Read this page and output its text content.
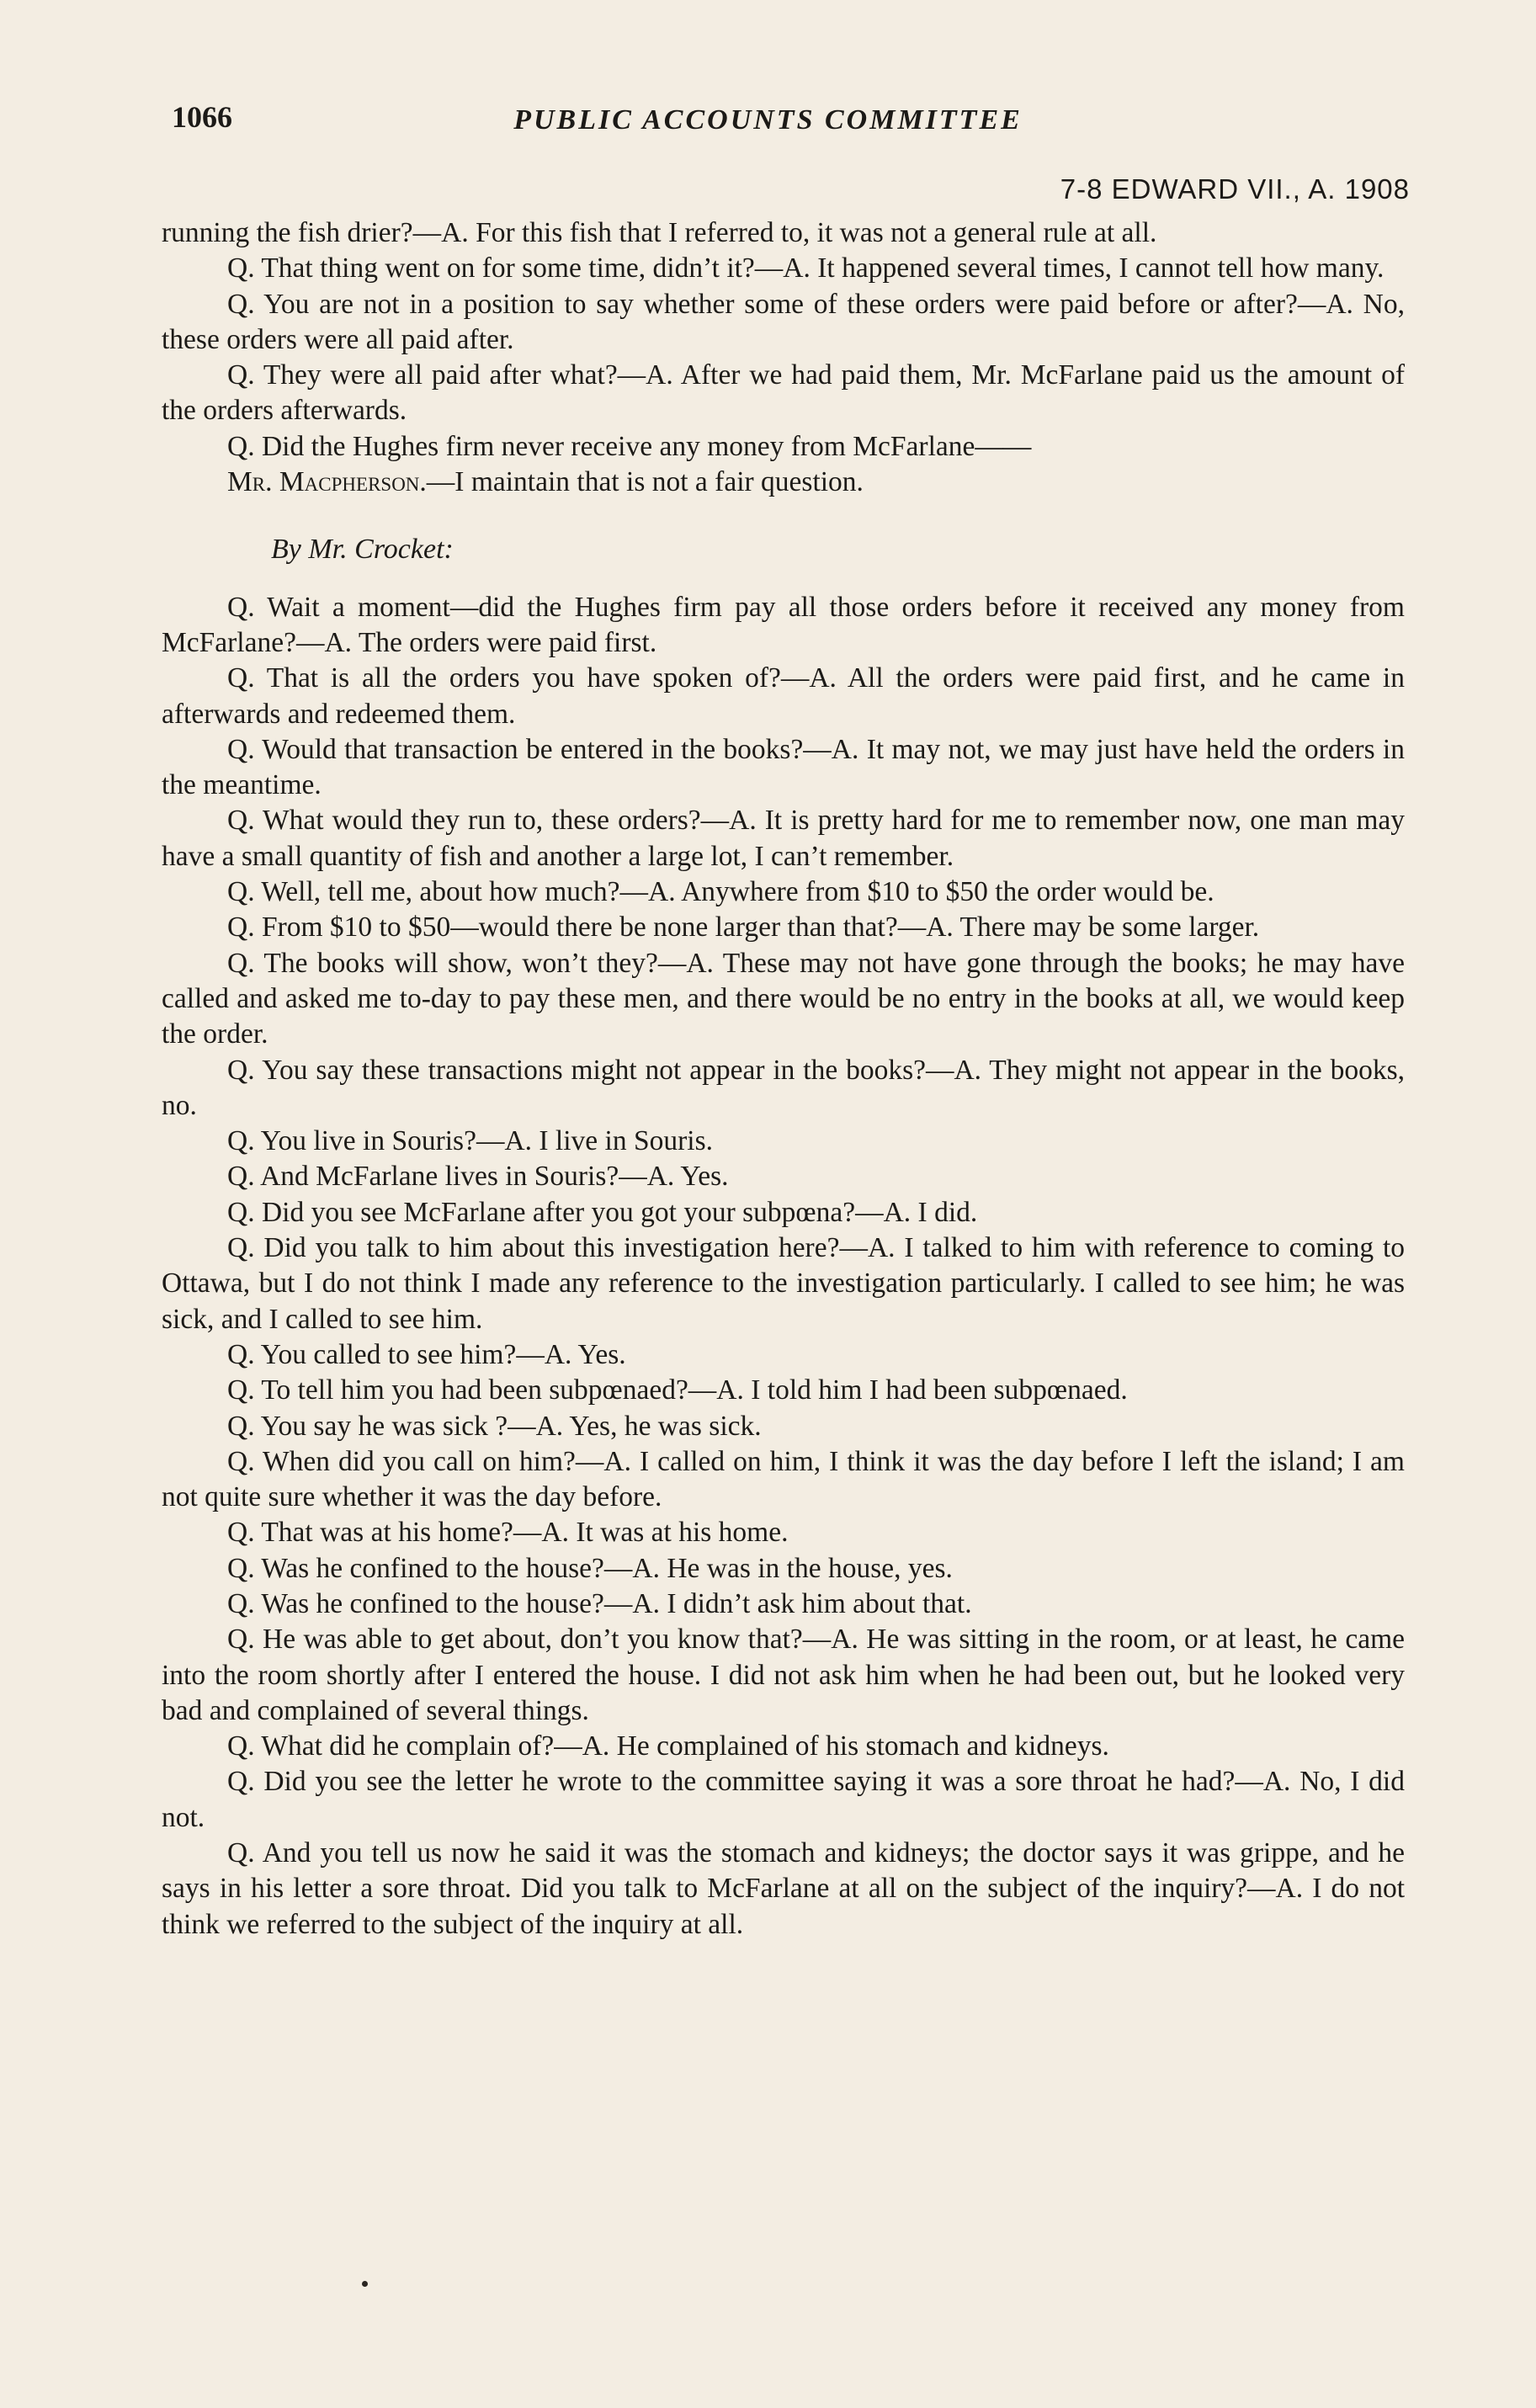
1066	PUBLIC ACCOUNTS COMMITTEE
7-8 EDWARD VII., A. 1908

running the fish drier?—A. For this fish that I referred to, it was not a general rule at all.

Q. That thing went on for some time, didn’t it?—A. It happened several times, I cannot tell how many.

Q. You are not in a position to say whether some of these orders were paid before or after?—A. No, these orders were all paid after.

Q. They were all paid after what?—A. After we had paid them, Mr. McFarlane paid us the amount of the orders afterwards.

Q. Did the Hughes firm never receive any money from McFarlane——

Mr. Macpherson.—I maintain that is not a fair question.

By Mr. Crocket:

Q. Wait a moment—did the Hughes firm pay all those orders before it received any money from McFarlane?—A. The orders were paid first.

Q. That is all the orders you have spoken of?—A. All the orders were paid first, and he came in afterwards and redeemed them.

Q. Would that transaction be entered in the books?—A. It may not, we may just have held the orders in the meantime.

Q. What would they run to, these orders?—A. It is pretty hard for me to remember now, one man may have a small quantity of fish and another a large lot, I can’t remember.

Q. Well, tell me, about how much?—A. Anywhere from $10 to $50 the order would be.

Q. From $10 to $50—would there be none larger than that?—A. There may be some larger.

Q. The books will show, won’t they?—A. These may not have gone through the books; he may have called and asked me to-day to pay these men, and there would be no entry in the books at all, we would keep the order.

Q. You say these transactions might not appear in the books?—A. They might not appear in the books, no.

Q. You live in Souris?—A. I live in Souris.

Q. And McFarlane lives in Souris?—A. Yes.

Q. Did you see McFarlane after you got your subpœna?—A. I did.

Q. Did you talk to him about this investigation here?—A. I talked to him with reference to coming to Ottawa, but I do not think I made any reference to the investigation particularly. I called to see him; he was sick, and I called to see him.

Q. You called to see him?—A. Yes.

Q. To tell him you had been subpœnaed?—A. I told him I had been subpœnaed.

Q. You say he was sick ?—A. Yes, he was sick.

Q. When did you call on him?—A. I called on him, I think it was the day before I left the island; I am not quite sure whether it was the day before.

Q. That was at his home?—A. It was at his home.

Q. Was he confined to the house?—A. He was in the house, yes.

Q. Was he confined to the house?—A. I didn’t ask him about that.

Q. He was able to get about, don’t you know that?—A. He was sitting in the room, or at least, he came into the room shortly after I entered the house. I did not ask him when he had been out, but he looked very bad and complained of several things.

Q. What did he complain of?—A. He complained of his stomach and kidneys.

Q. Did you see the letter he wrote to the committee saying it was a sore throat he had?—A. No, I did not.

Q. And you tell us now he said it was the stomach and kidneys; the doctor says it was grippe, and he says in his letter a sore throat. Did you talk to McFarlane at all on the subject of the inquiry?—A. I do not think we referred to the subject of the inquiry at all.
